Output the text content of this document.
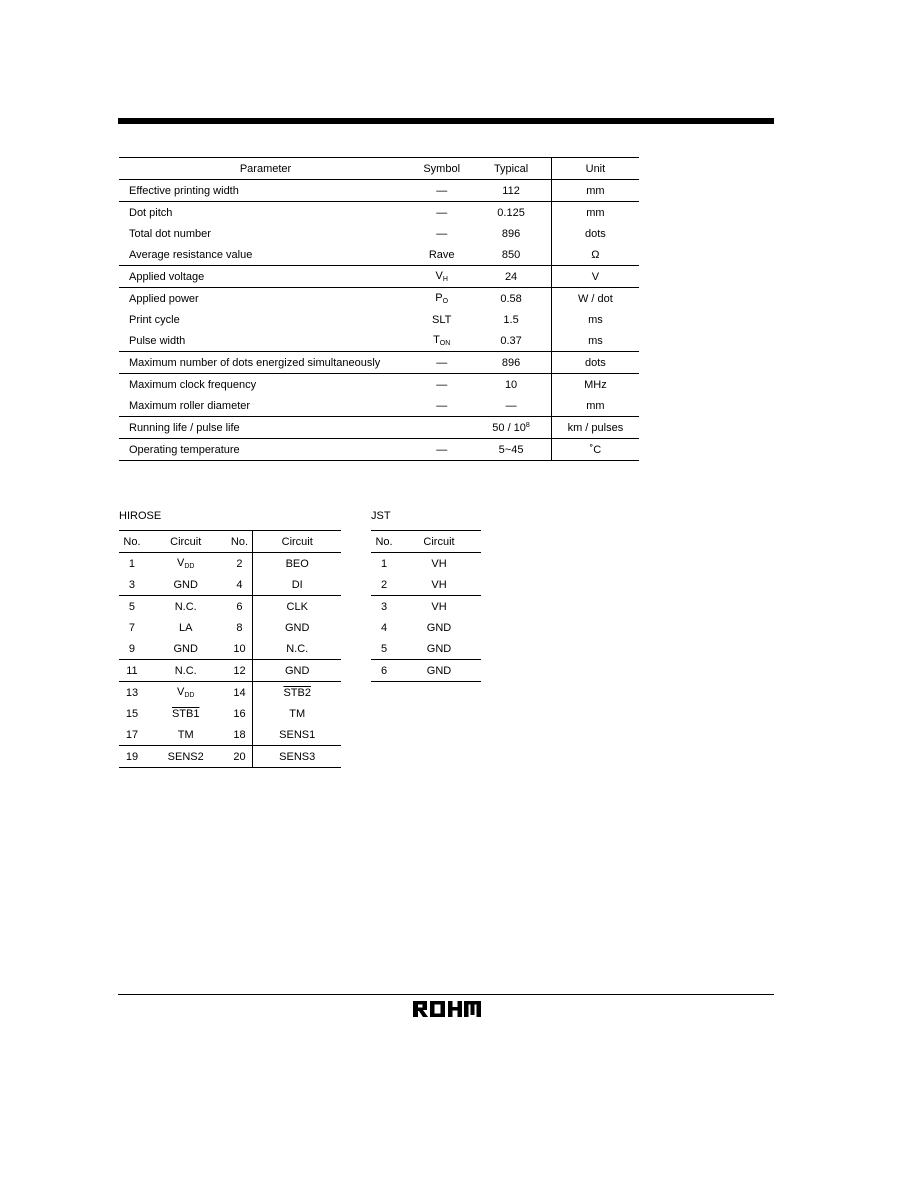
Parameter	Symbol	Typical	Unit
Effective printing width	—	112	mm
Dot pitch	—	0.125	mm
Total dot number	—	896	dots
Average resistance value	Rave	850	Ω
Applied voltage	$V_H$	24	V
Applied power	$P_O$	0.58	W / dot
Print cycle	SLT	1.5	ms
Pulse width	$T_{ON}$	0.37	ms
Maximum number of dots energized simultaneously	—	896	dots
Maximum clock frequency	—	10	MHz
Maximum roller diameter	—	—	mm
Running life / pulse life		$50 / 10^8$	km / pulses
Operating temperature	—	5~45	˚C
HIROSE	JST
No.	Circuit	No.	Circuit
1	$V_{DD}$	2	BEO
3	GND	4	DI
5	N.C.	6	CLK
7	LA	8	GND
9	GND	10	N.C.
11	N.C.	12	GND
13	$V_{DD}$	14	STB2
15	STB1	16	TM
17	TM	18	SENS1
19	SENS2	20	SENS3
No.	Circuit
1	VH
2	VH
3	VH
4	GND
5	GND
6	GND
